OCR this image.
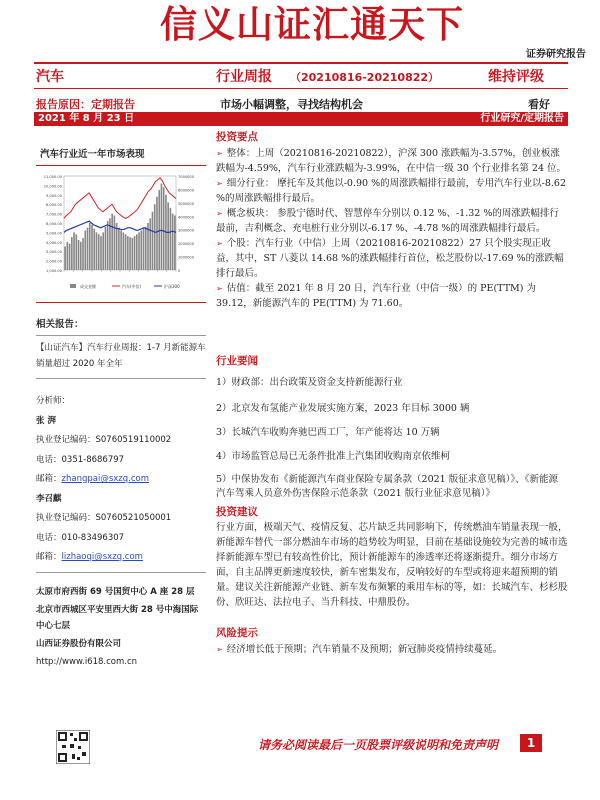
信义山证汇通天下
证券研究报告
汽车	行业周报 （20210816-20210822）	维持评级
报告原因：定期报告	市场小幅调整，寻找结构机会	看好
2021 年 8 月 23 日	行业研究/定期报告
汽车行业近一年市场表现
11,000.00
10,000.00
9,000.00
8,000.00
7,000.00
6,000.00
5,000.00
4,000.00
3,000.00
2,000.00
1,000.00
7000000
6000000
5000000
4000000
3000000
2000000
1000000
0
成交金额	汽车(中信)	沪深300
相关报告：
【山证汽车】汽车行业周报：1-7 月新能源车销量超过 2020 年全年
分析师：
张 湃
执业登记编码：S0760519110002
电话：0351-8686797
邮箱：zhangpai@sxzq.com
李召麒
执业登记编码：S0760521050001
电话：010-83496307
邮箱：lizhaoqi@sxzq.com
太原市府西街 69 号国贸中心 A 座 28 层
北京市西城区平安里西大街 28 号中海国际中心七层
山西证券股份有限公司
http://www.i618.com.cn
投资要点

➢ 整体：上周（20210816-20210822），沪深 300 涨跌幅为-3.57%，创业板涨跌幅为-4.59%，汽车行业涨跌幅为-3.99%，在中信一级 30 个行业排名第 24 位。

➢ 细分行业： 摩托车及其他以-0.90 %的周涨跌幅排行最前，专用汽车行业以-8.62 %的周涨跌幅排行最后。

➢ 概念板块： 参股宁德时代、智慧停车分别以 0.12 %、-1.32 %的周涨跌幅排行最前，吉利概念、充电桩行业分别以-6.17 %、-4.78 %的周涨跌幅排行最后。

➢ 个股：汽车行业（中信）上周（20210816-20210822）27 只个股实现正收益，其中，ST 八菱以 14.68 %的涨跌幅排行首位，松芝股份以-17.69 %的涨跌幅排行最后。

➢ 估值：截至 2021 年 8 月 20 日，汽车行业（中信一级）的 PE(TTM) 为 39.12，新能源汽车的 PE(TTM) 为 71.60。

行业要闻
1）财政部：出台政策及资金支持新能源行业
2）北京发布氢能产业发展实施方案，2023 年目标 3000 辆
3）长城汽车收购奔驰巴西工厂，年产能将达 10 万辆
4）市场监管总局已无条件批准上汽集团收购南京依维柯
5）中保协发布《新能源汽车商业保险专属条款（2021 版征求意见稿）》、《新能源汽车驾乘人员意外伤害保险示范条款（2021 版行业征求意见稿）》
投资建议
行业方面，极端天气、疫情反复、芯片缺乏共同影响下，传统燃油车销量表现一般，新能源车替代一部分燃油车市场的趋势较为明显，目前在基础设施较为完善的城市选择新能源车型已有较高性价比，预计新能源车的渗透率还将逐渐提升。细分市场方面，自主品牌更新速度较快，新车密集发布，反响较好的车型或将迎来超预期的销量。建议关注新能源产业链、新车发布频繁的乘用车标的等，如：长城汽车、杉杉股份、欣旺达、法拉电子、当升科技、中鼎股份。
风险提示
➢ 经济增长低于预期；汽车销量不及预期；新冠肺炎疫情持续蔓延。
请务必阅读最后一页股票评级说明和免责声明	1
